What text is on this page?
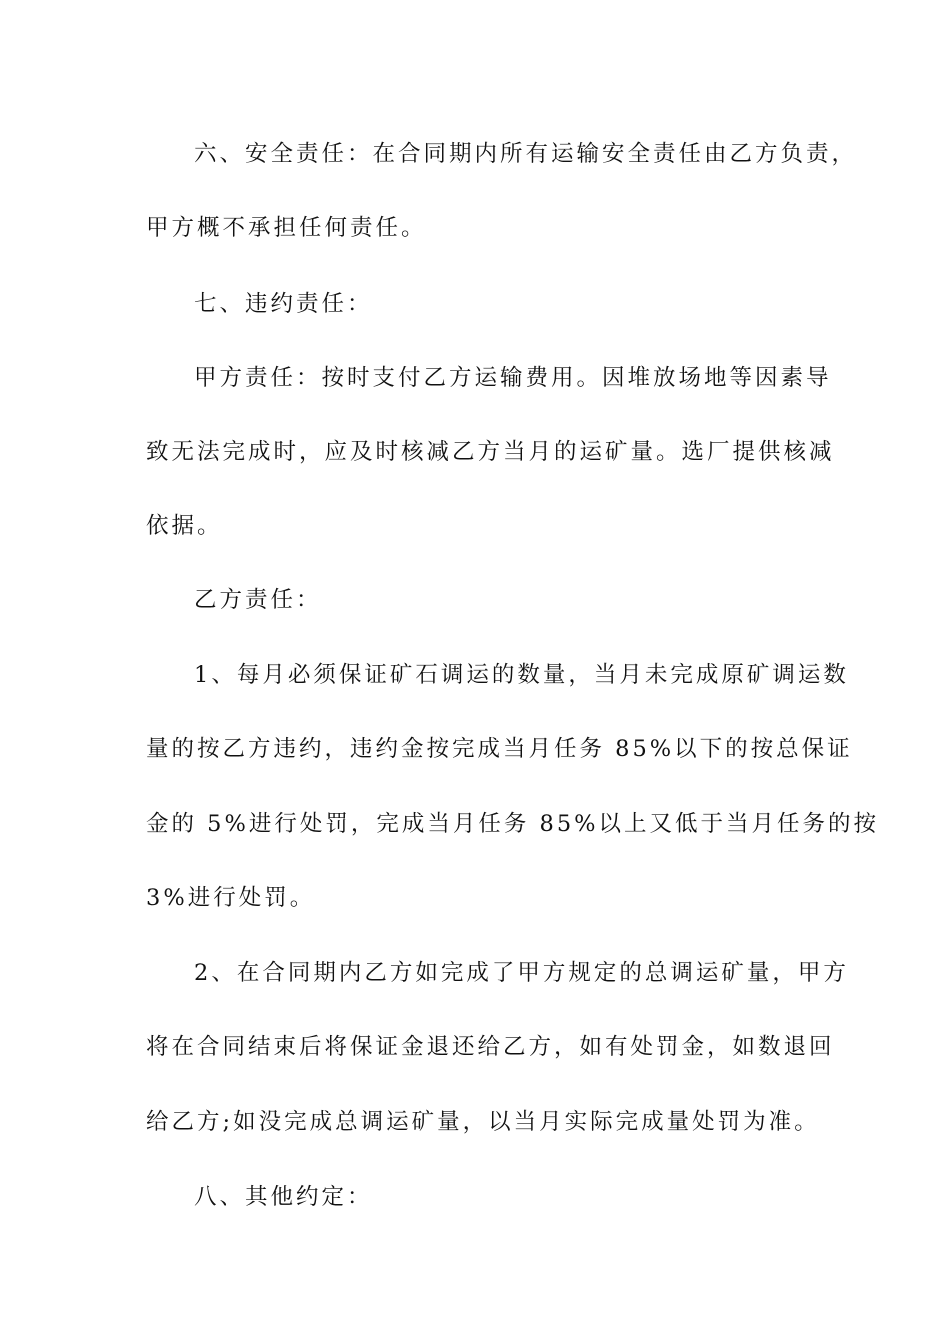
六、安全责任：在合同期内所有运输安全责任由乙方负责，
甲方概不承担任何责任。
七、违约责任：
甲方责任：按时支付乙方运输费用。因堆放场地等因素导
致无法完成时，应及时核减乙方当月的运矿量。选厂提供核减
依据。
乙方责任：
1、每月必须保证矿石调运的数量，当月未完成原矿调运数
量的按乙方违约，违约金按完成当月任务 85%以下的按总保证
金的 5%进行处罚，完成当月任务 85%以上又低于当月任务的按
3%进行处罚。
2、在合同期内乙方如完成了甲方规定的总调运矿量，甲方
将在合同结束后将保证金退还给乙方，如有处罚金，如数退回
给乙方;如没完成总调运矿量，以当月实际完成量处罚为准。
八、其他约定：
